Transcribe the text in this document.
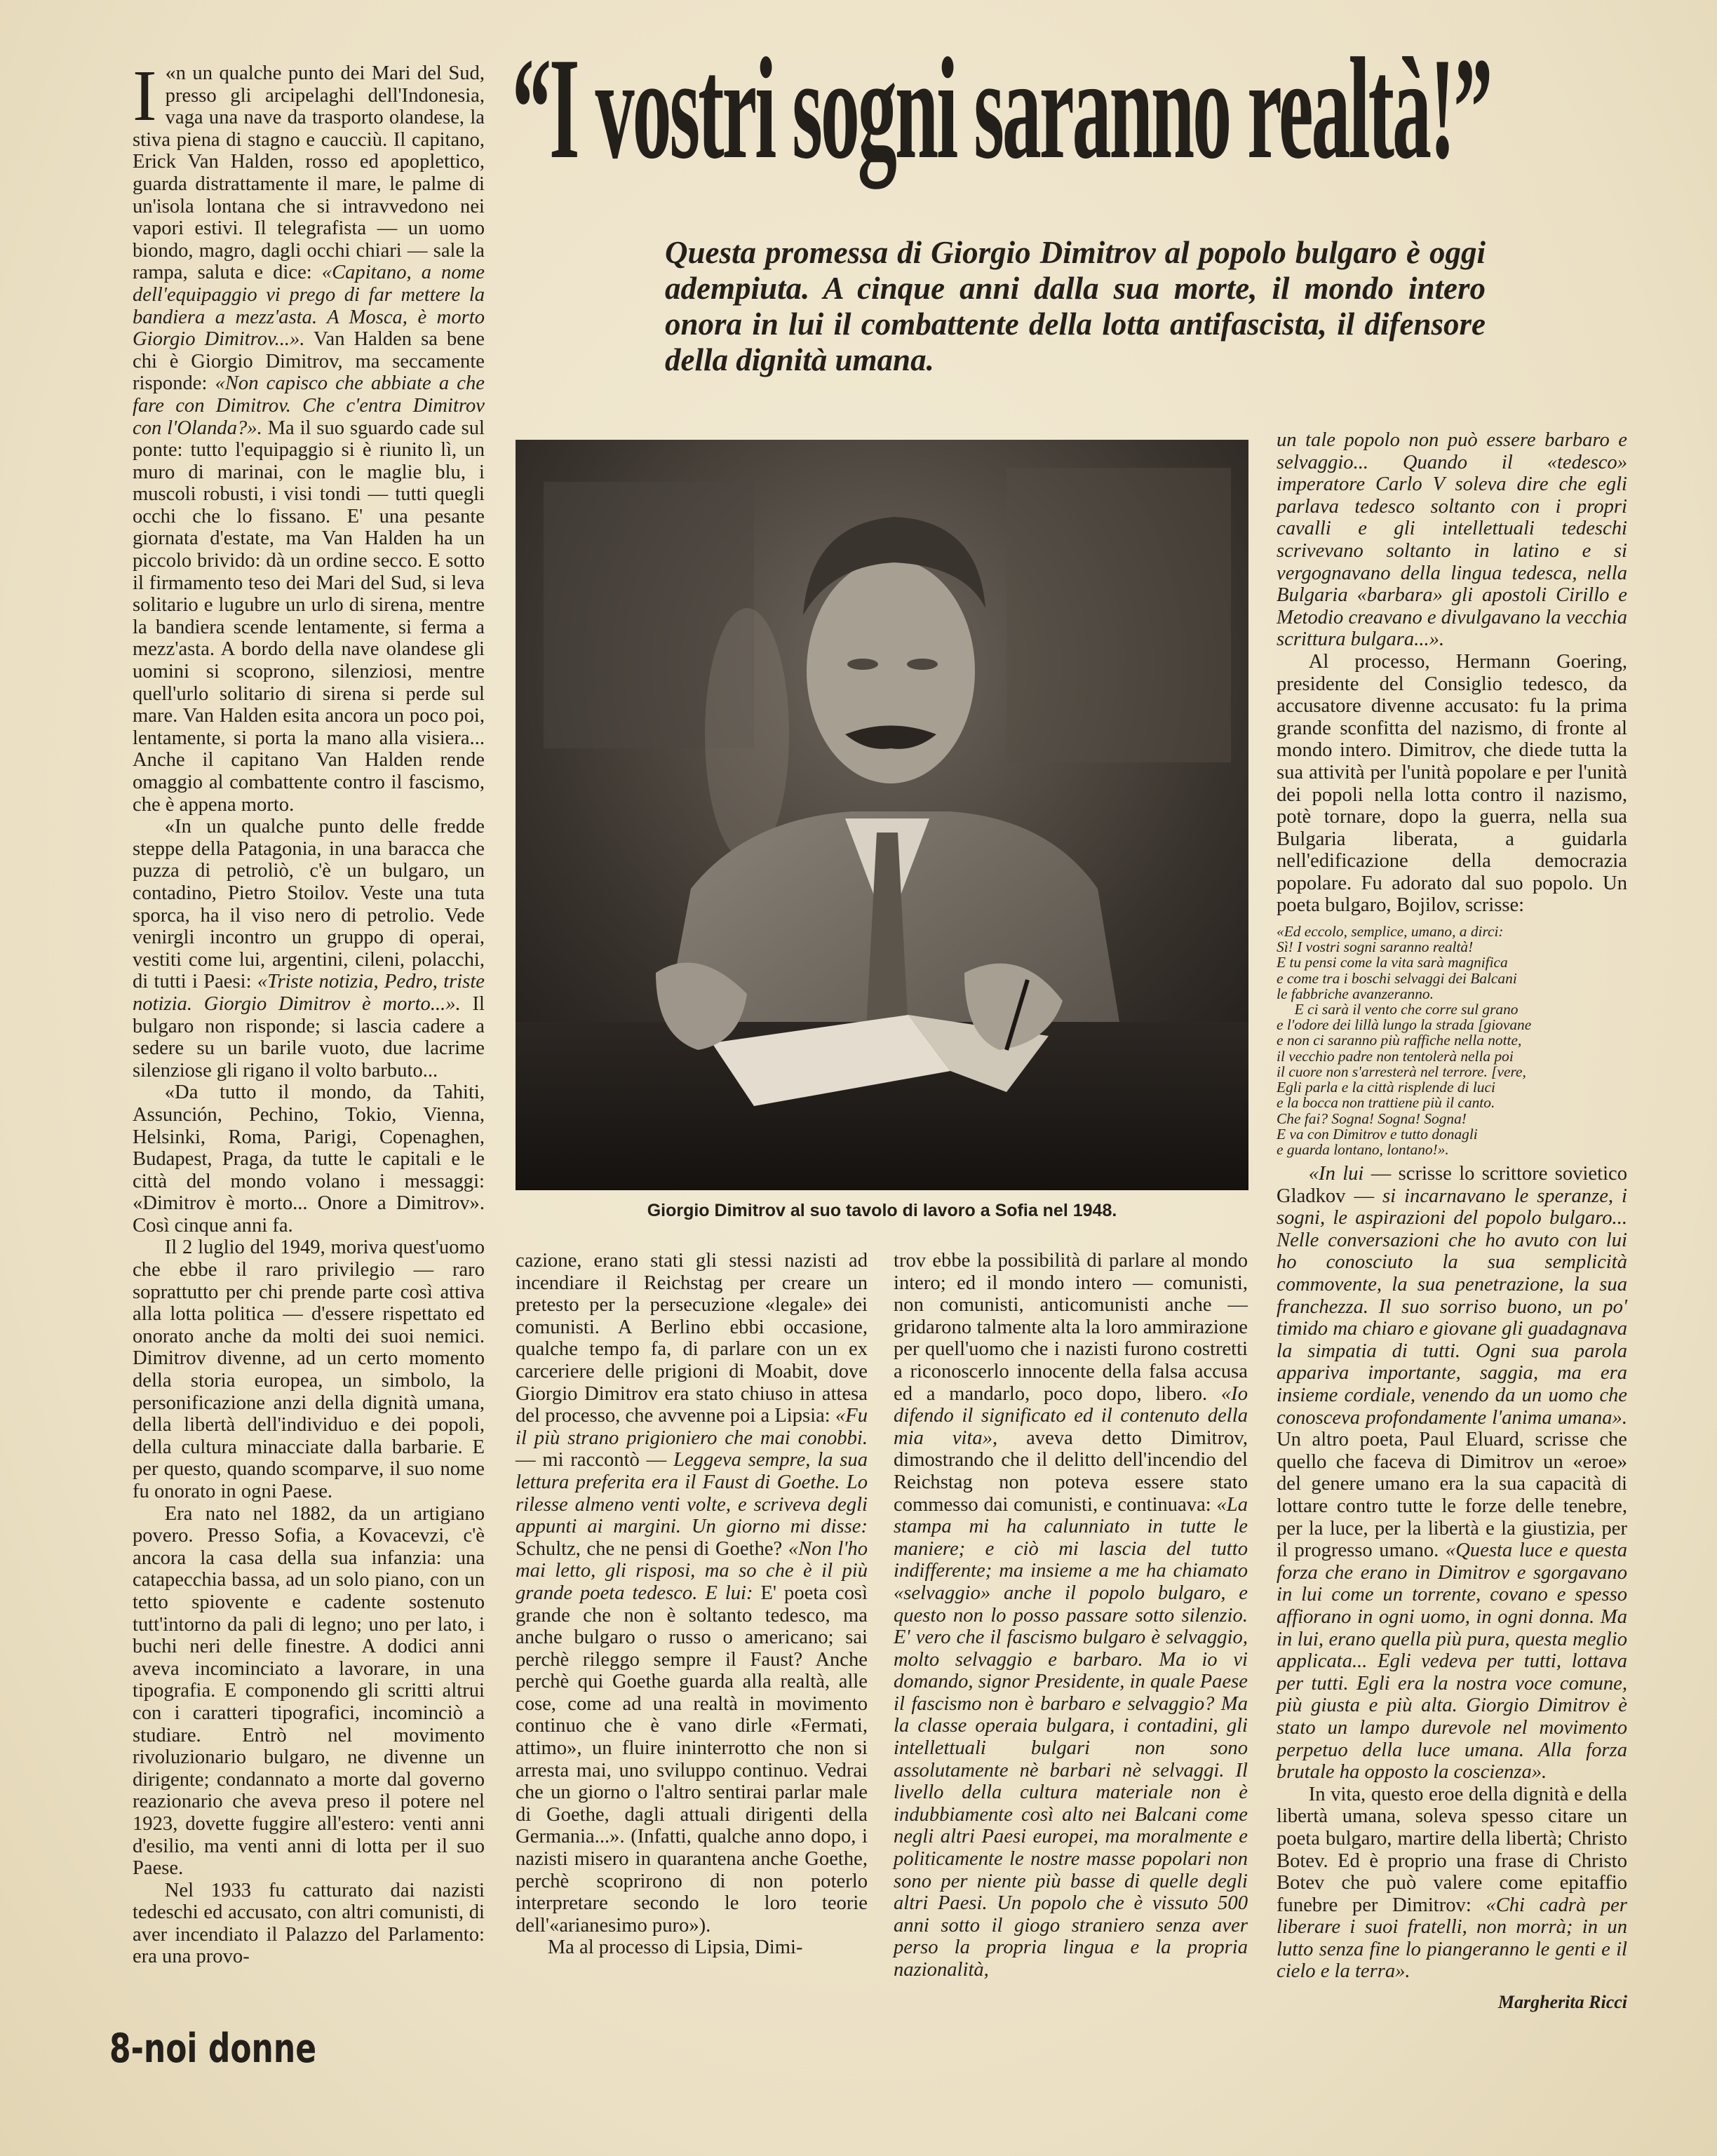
“I vostri sogni saranno realtà!”
Questa promessa di Giorgio Dimitrov al popolo bulgaro è oggi adempiuta. A cinque anni dalla sua morte, il mondo intero onora in lui il combattente della lotta antifascista, il difensore della dignità umana.

«
I n un qualche punto dei Mari del Sud, presso gli arcipelaghi dell'Indonesia, vaga una nave da trasporto olandese, la stiva piena di stagno e caucciù. Il capitano, Erick Van Halden, rosso ed apoplettico, guarda distrattamente il mare, le palme di un'isola lontana che si intravvedono nei vapori estivi. Il telegrafista — un uomo biondo, magro, dagli occhi chiari — sale la rampa, saluta e dice: «Capitano, a nome dell'equipaggio vi prego di far mettere la bandiera a mezz'asta. A Mosca, è morto Giorgio Dimitrov...». Van Halden sa bene chi è Giorgio Dimitrov, ma seccamente risponde: «Non capisco che abbiate a che fare con Dimitrov. Che c'entra Dimitrov con l'Olanda?». Ma il suo sguardo cade sul ponte: tutto l'equipaggio si è riunito lì, un muro di marinai, con le maglie blu, i muscoli robusti, i visi tondi — tutti quegli occhi che lo fissano. E' una pesante giornata d'estate, ma Van Halden ha un piccolo brivido: dà un ordine secco. E sotto il firmamento teso dei Mari del Sud, si leva solitario e lugubre un urlo di sirena, mentre la bandiera scende lentamente, si ferma a mezz'asta. A bordo della nave olandese gli uomini si scoprono, silenziosi, mentre quell'urlo solitario di sirena si perde sul mare. Van Halden esita ancora un poco poi, lentamente, si porta la mano alla visiera... Anche il capitano Van Halden rende omaggio al combattente contro il fascismo, che è appena morto.

«In un qualche punto delle fredde steppe della Patagonia, in una baracca che puzza di petroliò, c'è un bulgaro, un contadino, Pietro Stoilov. Veste una tuta sporca, ha il viso nero di petrolio. Vede venirgli incontro un gruppo di operai, vestiti come lui, argentini, cileni, polacchi, di tutti i Paesi: «Triste notizia, Pedro, triste notizia. Giorgio Dimitrov è morto...». Il bulgaro non risponde; si lascia cadere a sedere su un barile vuoto, due lacrime silenziose gli rigano il volto barbuto...

«Da tutto il mondo, da Tahiti, Assunción, Pechino, Tokio, Vienna, Helsinki, Roma, Parigi, Copenaghen, Budapest, Praga, da tutte le capitali e le città del mondo volano i messaggi: «Dimitrov è morto... Onore a Dimitrov». Così cinque anni fa.

Il 2 luglio del 1949, moriva quest'uomo che ebbe il raro privilegio — raro soprattutto per chi prende parte così attiva alla lotta politica — d'essere rispettato ed onorato anche da molti dei suoi nemici. Dimitrov divenne, ad un certo momento della storia europea, un simbolo, la personificazione anzi della dignità umana, della libertà dell'individuo e dei popoli, della cultura minacciate dalla barbarie. E per questo, quando scomparve, il suo nome fu onorato in ogni Paese.

Era nato nel 1882, da un artigiano povero. Presso Sofia, a Kovacevzi, c'è ancora la casa della sua infanzia: una catapecchia bassa, ad un solo piano, con un tetto spiovente e cadente sostenuto tutt'intorno da pali di legno; uno per lato, i buchi neri delle finestre. A dodici anni aveva incominciato a lavorare, in una tipografia. E componendo gli scritti altrui con i caratteri tipografici, incominciò a studiare. Entrò nel movimento rivoluzionario bulgaro, ne divenne un dirigente; condannato a morte dal governo reazionario che aveva preso il potere nel 1923, dovette fuggire all'estero: venti anni d'esilio, ma venti anni di lotta per il suo Paese.

Nel 1933 fu catturato dai nazisti tedeschi ed accusato, con altri comunisti, di aver incendiato il Palazzo del Parlamento: era una provo-

Giorgio Dimitrov al suo tavolo di lavoro a Sofia nel 1948.

cazione, erano stati gli stessi nazisti ad incendiare il Reichstag per creare un pretesto per la persecuzione «legale» dei comunisti. A Berlino ebbi occasione, qualche tempo fa, di parlare con un ex carceriere delle prigioni di Moabit, dove Giorgio Dimitrov era stato chiuso in attesa del processo, che avvenne poi a Lipsia: «Fu il più strano prigioniero che mai conobbi. — mi raccontò — Leggeva sempre, la sua lettura preferita era il Faust di Goethe. Lo rilesse almeno venti volte, e scriveva degli appunti ai margini. Un giorno mi disse: Schultz, che ne pensi di Goethe? «Non l'ho mai letto, gli risposi, ma so che è il più grande poeta tedesco. E lui: E' poeta così grande che non è soltanto tedesco, ma anche bulgaro o russo o americano; sai perchè rileggo sempre il Faust? Anche perchè qui Goethe guarda alla realtà, alle cose, come ad una realtà in movimento continuo che è vano dirle «Fermati, attimo», un fluire ininterrotto che non si arresta mai, uno sviluppo continuo. Vedrai che un giorno o l'altro sentirai parlar male di Goethe, dagli attuali dirigenti della Germania...». (Infatti, qualche anno dopo, i nazisti misero in quarantena anche Goethe, perchè scoprirono di non poterlo interpretare secondo le loro teorie dell'«arianesimo puro»).

Ma al processo di Lipsia, Dimi-

trov ebbe la possibilità di parlare al mondo intero; ed il mondo intero — comunisti, non comunisti, anticomunisti anche — gridarono talmente alta la loro ammirazione per quell'uomo che i nazisti furono costretti a riconoscerlo innocente della falsa accusa ed a mandarlo, poco dopo, libero. «Io difendo il significato ed il contenuto della mia vita», aveva detto Dimitrov, dimostrando che il delitto dell'incendio del Reichstag non poteva essere stato commesso dai comunisti, e continuava: «La stampa mi ha calunniato in tutte le maniere; e ciò mi lascia del tutto indifferente; ma insieme a me ha chiamato «selvaggio» anche il popolo bulgaro, e questo non lo posso passare sotto silenzio. E' vero che il fascismo bulgaro è selvaggio, molto selvaggio e barbaro. Ma io vi domando, signor Presidente, in quale Paese il fascismo non è barbaro e selvaggio? Ma la classe operaia bulgara, i contadini, gli intellettuali bulgari non sono assolutamente nè barbari nè selvaggi. Il livello della cultura materiale non è indubbiamente così alto nei Balcani come negli altri Paesi europei, ma moralmente e politicamente le nostre masse popolari non sono per niente più basse di quelle degli altri Paesi. Un popolo che è vissuto 500 anni sotto il giogo straniero senza aver perso la propria lingua e la propria nazionalità,

un tale popolo non può essere barbaro e selvaggio... Quando il «tedesco» imperatore Carlo V soleva dire che egli parlava tedesco soltanto con i propri cavalli e gli intellettuali tedeschi scrivevano soltanto in latino e si vergognavano della lingua tedesca, nella Bulgaria «barbara» gli apostoli Cirillo e Metodio creavano e divulgavano la vecchia scrittura bulgara...».

Al processo, Hermann Goering, presidente del Consiglio tedesco, da accusatore divenne accusato: fu la prima grande sconfitta del nazismo, di fronte al mondo intero. Dimitrov, che diede tutta la sua attività per l'unità popolare e per l'unità dei popoli nella lotta contro il nazismo, potè tornare, dopo la guerra, nella sua Bulgaria liberata, a guidarla nell'edificazione della democrazia popolare. Fu adorato dal suo popolo. Un poeta bulgaro, Bojilov, scrisse:

«Ed eccolo, semplice, umano, a dirci:
Sì! I vostri sogni saranno realtà!
E tu pensi come la vita sarà magnifica
e come tra i boschi selvaggi dei Balcani
le fabbriche avanzeranno.
E ci sarà il vento che corre sul grano
e l'odore dei lillà lungo la strada [giovane
e non ci saranno più raffiche nella notte,
il vecchio padre non tentolerà nella poi
il cuore non s'arresterà nel terrore. [vere,
Egli parla e la città risplende di luci
e la bocca non trattiene più il canto.
Che fai? Sogna! Sogna! Sogna!
E va con Dimitrov e tutto donagli
e guarda lontano, lontano!».

«In lui — scrisse lo scrittore sovietico Gladkov — si incarnavano le speranze, i sogni, le aspirazioni del popolo bulgaro... Nelle conversazioni che ho avuto con lui ho conosciuto la sua semplicità commovente, la sua penetrazione, la sua franchezza. Il suo sorriso buono, un po' timido ma chiaro e giovane gli guadagnava la simpatia di tutti. Ogni sua parola appariva importante, saggia, ma era insieme cordiale, venendo da un uomo che conosceva profondamente l'anima umana». Un altro poeta, Paul Eluard, scrisse che quello che faceva di Dimitrov un «eroe» del genere umano era la sua capacità di lottare contro tutte le forze delle tenebre, per la luce, per la libertà e la giustizia, per il progresso umano. «Questa luce e questa forza che erano in Dimitrov e sgorgavano in lui come un torrente, covano e spesso affiorano in ogni uomo, in ogni donna. Ma in lui, erano quella più pura, questa meglio applicata... Egli vedeva per tutti, lottava per tutti. Egli era la nostra voce comune, più giusta e più alta. Giorgio Dimitrov è stato un lampo durevole nel movimento perpetuo della luce umana. Alla forza brutale ha opposto la coscienza».

In vita, questo eroe della dignità e della libertà umana, soleva spesso citare un poeta bulgaro, martire della libertà; Christo Botev. Ed è proprio una frase di Christo Botev che può valere come epitaffio funebre per Dimitrov: «Chi cadrà per liberare i suoi fratelli, non morrà; in un lutto senza fine lo piangeranno le genti e il cielo e la terra».

Margherita Ricci
8-noi donne
